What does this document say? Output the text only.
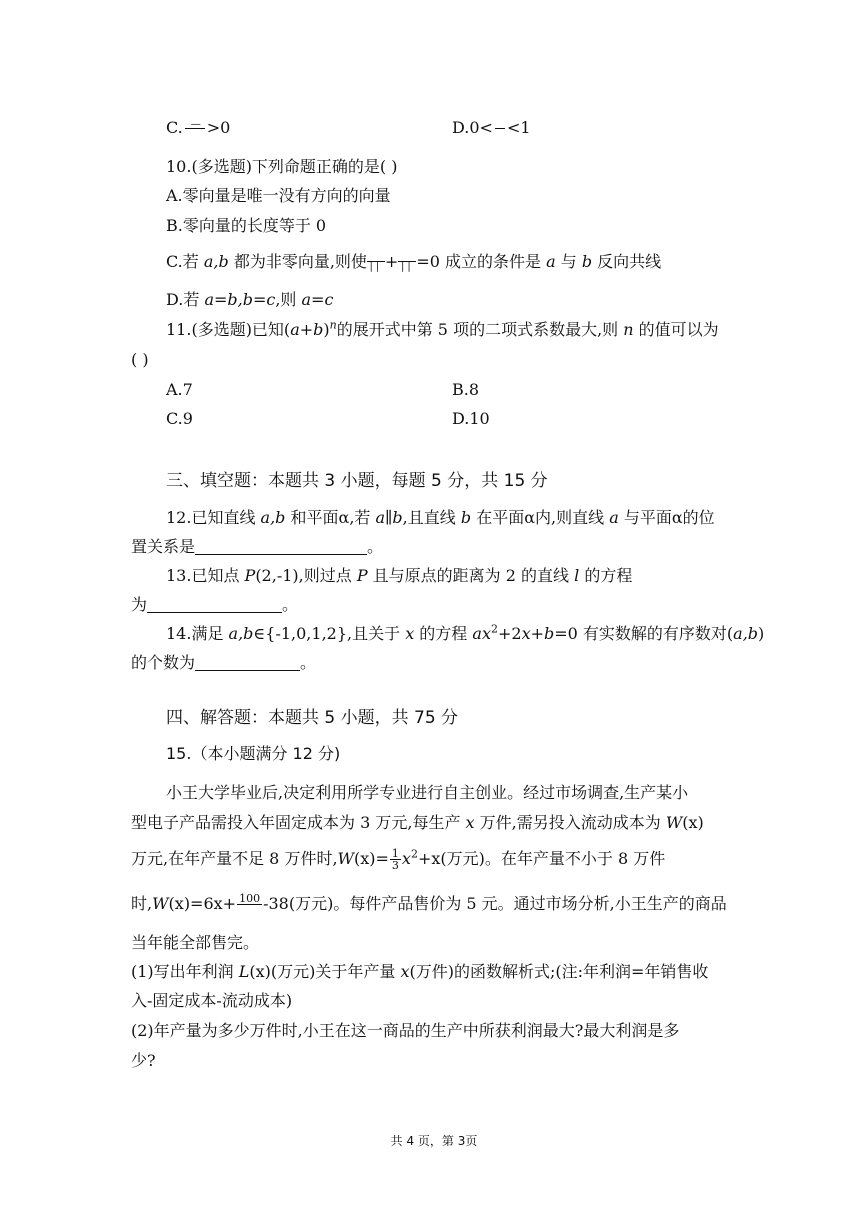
C. — >0	D.0< <1
10.(多选题)下列命题正确的是( )
A.零向量是唯一没有方向的向量
B.零向量的长度等于 0
C.若 a,b 都为非零向量,则使 || + || =0 成立的条件是 a 与 b 反向共线
D.若 a=b,b=c,则 a=c
11.(多选题)已知$(a+b)^n$的展开式中第 5 项的二项式系数最大,则 n 的值可以为
( )
A.7	B.8
C.9	D.10
三、填空题：本题共 3 小题，每题 5 分，共 15 分
12.已知直线 a,b 和平面α,若 a∥b,且直线 b 在平面α内,则直线 a 与平面α的位
置关系是	。
13.已知点 P(2,-1),则过点 P 且与原点的距离为 2 的直线 l 的方程
为	。
14.满足 a,b∈{-1,0,1,2},且关于 x 的方程 $ax^2+2x+b=0$ 有实数解的有序数对(a,b)
的个数为	。
四、解答题：本题共 5 小题，共 75 分
15.（本小题满分 12 分)
小王大学毕业后,决定利用所学专业进行自主创业。经过市场调查,生产某小
型电子产品需投入年固定成本为 3 万元,每生产 x 万件,需另投入流动成本为 W(x)
万元,在年产量不足 8 万件时$,W(x)= \frac{1}{3} x^2+x$(万元)。在年产量不小于 8 万件
时,W(x)=6x+ 100
-38(万元)。每件产品售价为 5 元。通过市场分析,小王生产的商品
当年能全部售完。
(1)写出年利润 L(x)(万元)关于年产量 x(万件)的函数解析式;(注:年利润=年销售收
入-固定成本-流动成本)
(2)年产量为多少万件时,小王在这一商品的生产中所获利润最大?最大利润是多
少?
共 4 页，第 3页
